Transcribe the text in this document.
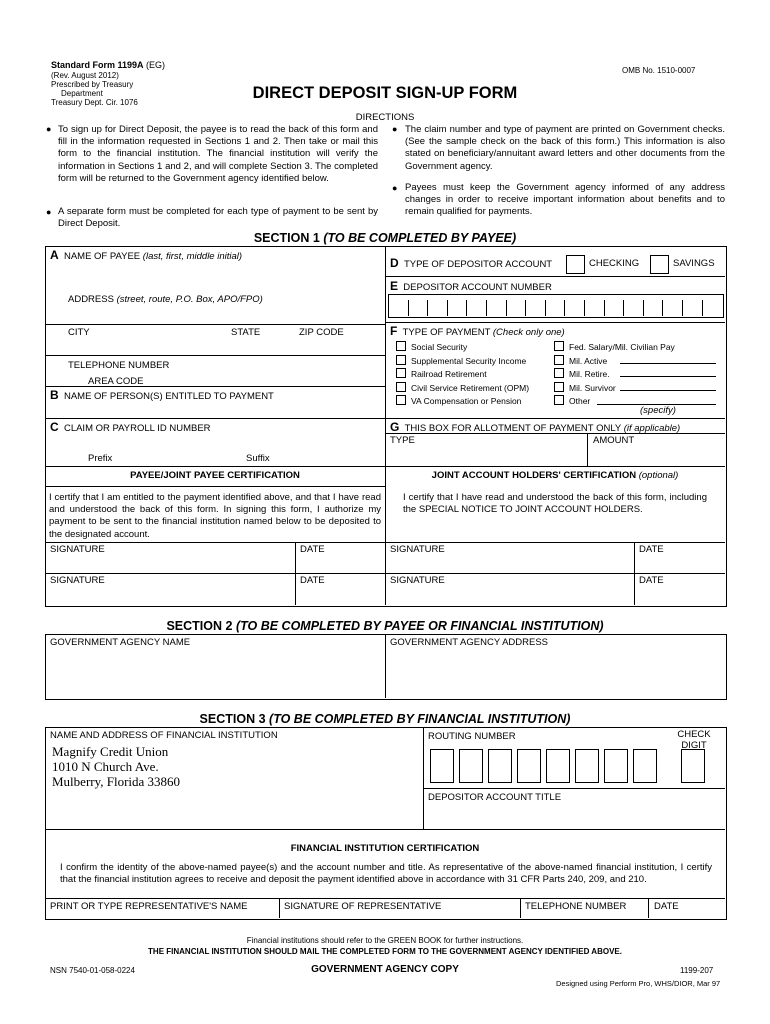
Standard Form 1199A (EG)
(Rev. August 2012)
Prescribed by Treasury
Department
Treasury Dept. Cir. 1076
OMB No. 1510-0007
DIRECT DEPOSIT SIGN-UP FORM
DIRECTIONS
● To sign up for Direct Deposit, the payee is to read the back of this form and fill in the information requested in Sections 1 and 2. Then take or mail this form to the financial institution. The financial institution will verify the information in Sections 1 and 2, and will complete Section 3. The completed form will be returned to the Government agency identified below.
● A separate form must be completed for each type of payment to be sent by Direct Deposit.
● The claim number and type of payment are printed on Government checks. (See the sample check on the back of this form.) This information is also stated on beneficiary/annuitant award letters and other documents from the Government agency.
● Payees must keep the Government agency informed of any address changes in order to receive important information about benefits and to remain qualified for payments.
SECTION 1 (TO BE COMPLETED BY PAYEE)
A NAME OF PAYEE (last, first, middle initial)
ADDRESS (street, route, P.O. Box, APO/FPO)
CITY	STATE	ZIP CODE
TELEPHONE NUMBER
AREA CODE
B NAME OF PERSON(S) ENTITLED TO PAYMENT
C CLAIM OR PAYROLL ID NUMBER
Prefix	Suffix
D TYPE OF DEPOSITOR ACCOUNT	CHECKING	SAVINGS
E DEPOSITOR ACCOUNT NUMBER
F TYPE OF PAYMENT (Check only one)
Social Security
Supplemental Security Income
Railroad Retirement
Civil Service Retirement (OPM)
VA Compensation or Pension
Fed. Salary/Mil. Civilian Pay
Mil. Active
Mil. Retire.
Mil. Survivor
Other
(specify)
G THIS BOX FOR ALLOTMENT OF PAYMENT ONLY (if applicable)
TYPE	AMOUNT
PAYEE/JOINT PAYEE CERTIFICATION
I certify that I am entitled to the payment identified above, and that I have read and understood the back of this form. In signing this form, I authorize my payment to be sent to the financial institution named below to be deposited to the designated account.
JOINT ACCOUNT HOLDERS' CERTIFICATION (optional)
I certify that I have read and understood the back of this form, including the SPECIAL NOTICE TO JOINT ACCOUNT HOLDERS.
SIGNATURE	DATE	SIGNATURE	DATE
SIGNATURE	DATE	SIGNATURE	DATE
SECTION 2 (TO BE COMPLETED BY PAYEE OR FINANCIAL INSTITUTION)
GOVERNMENT AGENCY NAME	GOVERNMENT AGENCY ADDRESS
SECTION 3 (TO BE COMPLETED BY FINANCIAL INSTITUTION)
NAME AND ADDRESS OF FINANCIAL INSTITUTION
Magnify Credit Union
1010 N Church Ave.
Mulberry, Florida 33860
ROUTING NUMBER	CHECK
DIGIT
DEPOSITOR ACCOUNT TITLE
FINANCIAL INSTITUTION CERTIFICATION
I confirm the identity of the above-named payee(s) and the account number and title. As representative of the above-named financial institution, I certify that the financial institution agrees to receive and deposit the payment identified above in accordance with 31 CFR Parts 240, 209, and 210.
PRINT OR TYPE REPRESENTATIVE'S NAME	SIGNATURE OF REPRESENTATIVE	TELEPHONE NUMBER	DATE
Financial institutions should refer to the GREEN BOOK for further instructions.
THE FINANCIAL INSTITUTION SHOULD MAIL THE COMPLETED FORM TO THE GOVERNMENT AGENCY IDENTIFIED ABOVE.
NSN 7540-01-058-0224	GOVERNMENT AGENCY COPY	1199-207
Designed using Perform Pro, WHS/DIOR, Mar 97
